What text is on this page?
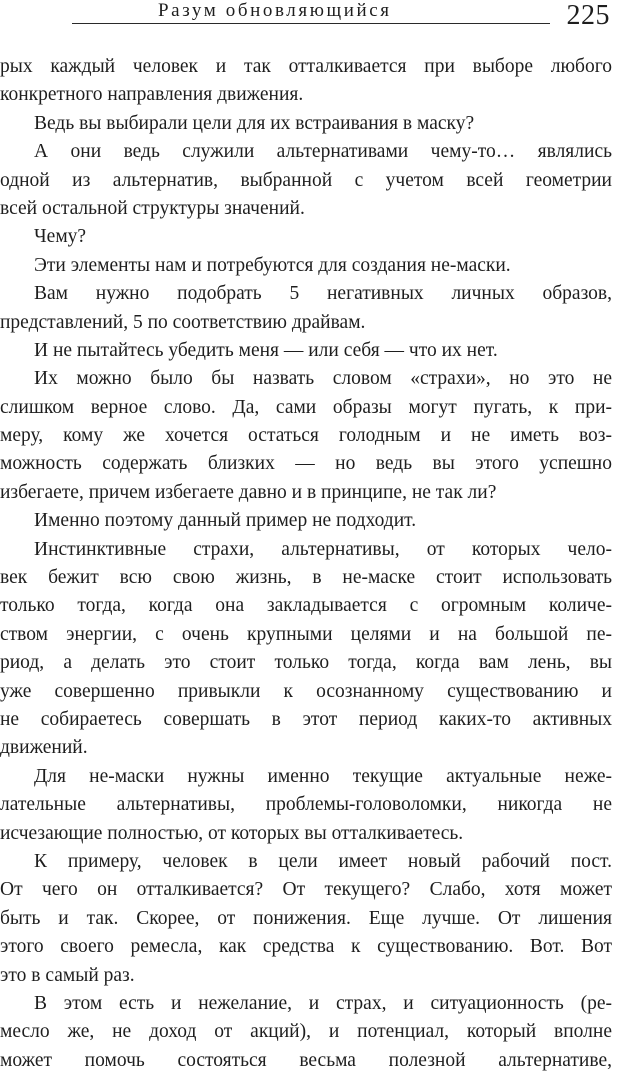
Разум обновляющийся	225
рых каждый человек и так отталкивается при выборе любого
конкретного направления движения.
Ведь вы выбирали цели для их встраивания в маску?
А они ведь служили альтернативами чему-то… являлись
одной из альтернатив, выбранной с учетом всей геометрии
всей остальной структуры значений.
Чему?
Эти элементы нам и потребуются для создания не-маски.
Вам нужно подобрать 5 негативных личных образов,
представлений, 5 по соответствию драйвам.
И не пытайтесь убедить меня — или себя — что их нет.
Их можно было бы назвать словом «страхи», но это не
слишком верное слово. Да, сами образы могут пугать, к при-
меру, кому же хочется остаться голодным и не иметь воз-
можность содержать близких — но ведь вы этого успешно
избегаете, причем избегаете давно и в принципе, не так ли?
Именно поэтому данный пример не подходит.
Инстинктивные страхи, альтернативы, от которых чело-
век бежит всю свою жизнь, в не-маске стоит использовать
только тогда, когда она закладывается с огромным количе-
ством энергии, с очень крупными целями и на большой пе-
риод, а делать это стоит только тогда, когда вам лень, вы
уже совершенно привыкли к осознанному существованию и
не собираетесь совершать в этот период каких-то активных
движений.
Для не-маски нужны именно текущие актуальные неже-
лательные альтернативы, проблемы-головоломки, никогда не
исчезающие полностью, от которых вы отталкиваетесь.
К примеру, человек в цели имеет новый рабочий пост.
От чего он отталкивается? От текущего? Слабо, хотя может
быть и так. Скорее, от понижения. Еще лучше. От лишения
этого своего ремесла, как средства к существованию. Вот. Вот
это в самый раз.
В этом есть и нежелание, и страх, и ситуационность (ре-
месло же, не доход от акций), и потенциал, который вполне
может помочь состояться весьма полезной альтернативе,
